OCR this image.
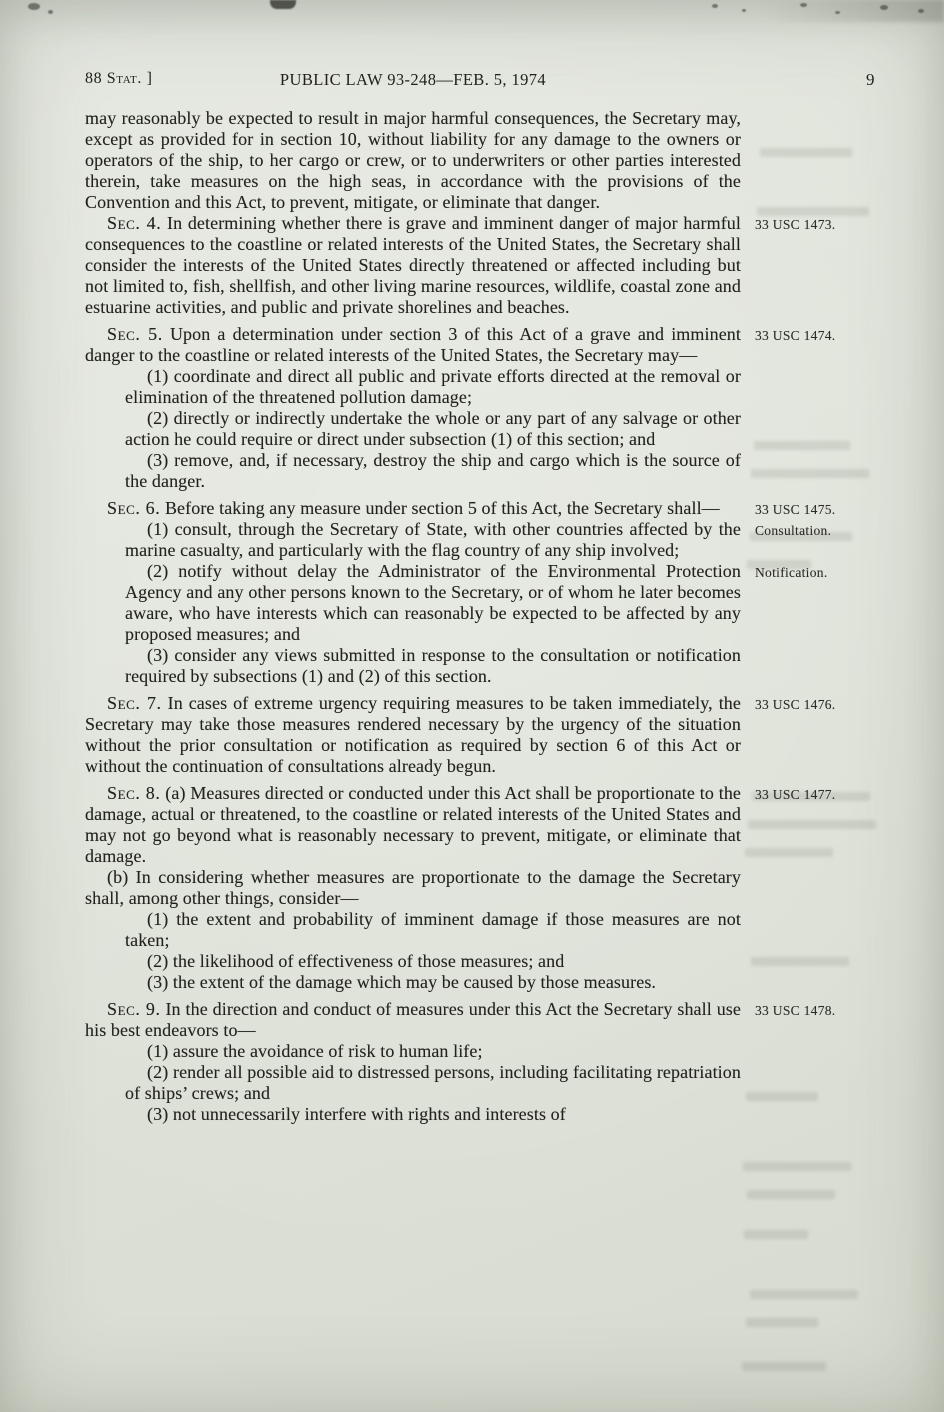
88 Stat. ]	PUBLIC LAW 93-248—FEB. 5, 1974	9

may reasonably be expected to result in major harmful consequences, the Secretary may, except as provided for in section 10, without liability for any damage to the owners or operators of the ship, to her cargo or crew, or to underwriters or other parties interested therein, take measures on the high seas, in accordance with the provisions of the Convention and this Act, to prevent, mitigate, or eliminate that danger.

Sec. 4. In determining whether there is grave and imminent danger of major harmful consequences to the coastline or related interests of the United States, the Secretary shall consider the interests of the United States directly threatened or affected including but not limited to, fish, shellfish, and other living marine resources, wildlife, coastal zone and estuarine activities, and public and private shorelines and beaches.

33 USC 1473.

Sec. 5. Upon a determination under section 3 of this Act of a grave and imminent danger to the coastline or related interests of the United States, the Secretary may—

33 USC 1474.

(1) coordinate and direct all public and private efforts directed at the removal or elimination of the threatened pollution damage;

(2) directly or indirectly undertake the whole or any part of any salvage or other action he could require or direct under subsection (1) of this section; and

(3) remove, and, if necessary, destroy the ship and cargo which is the source of the danger.

Sec. 6. Before taking any measure under section 5 of this Act, the Secretary shall—	33 USC 1475.

(1) consult, through the Secretary of State, with other countries affected by the marine casualty, and particularly with the flag country of any ship involved;

Consultation.

(2) notify without delay the Administrator of the Environmental Protection Agency and any other persons known to the Secretary, or of whom he later becomes aware, who have interests which can reasonably be expected to be affected by any proposed measures; and

Notification.

(3) consider any views submitted in response to the consultation or notification required by subsections (1) and (2) of this section.

Sec. 7. In cases of extreme urgency requiring measures to be taken immediately, the Secretary may take those measures rendered necessary by the urgency of the situation without the prior consultation or notification as required by section 6 of this Act or without the continuation of consultations already begun.

33 USC 1476.

Sec. 8. (a) Measures directed or conducted under this Act shall be proportionate to the damage, actual or threatened, to the coastline or related interests of the United States and may not go beyond what is reasonably necessary to prevent, mitigate, or eliminate that damage.

33 USC 1477.

(b) In considering whether measures are proportionate to the damage the Secretary shall, among other things, consider—

(1) the extent and probability of imminent damage if those measures are not taken;

(2) the likelihood of effectiveness of those measures; and

(3) the extent of the damage which may be caused by those measures.

Sec. 9. In the direction and conduct of measures under this Act the Secretary shall use his best endeavors to—

33 USC 1478.

(1) assure the avoidance of risk to human life;

(2) render all possible aid to distressed persons, including facilitating repatriation of ships’ crews; and

(3) not unnecessarily interfere with rights and interests of
